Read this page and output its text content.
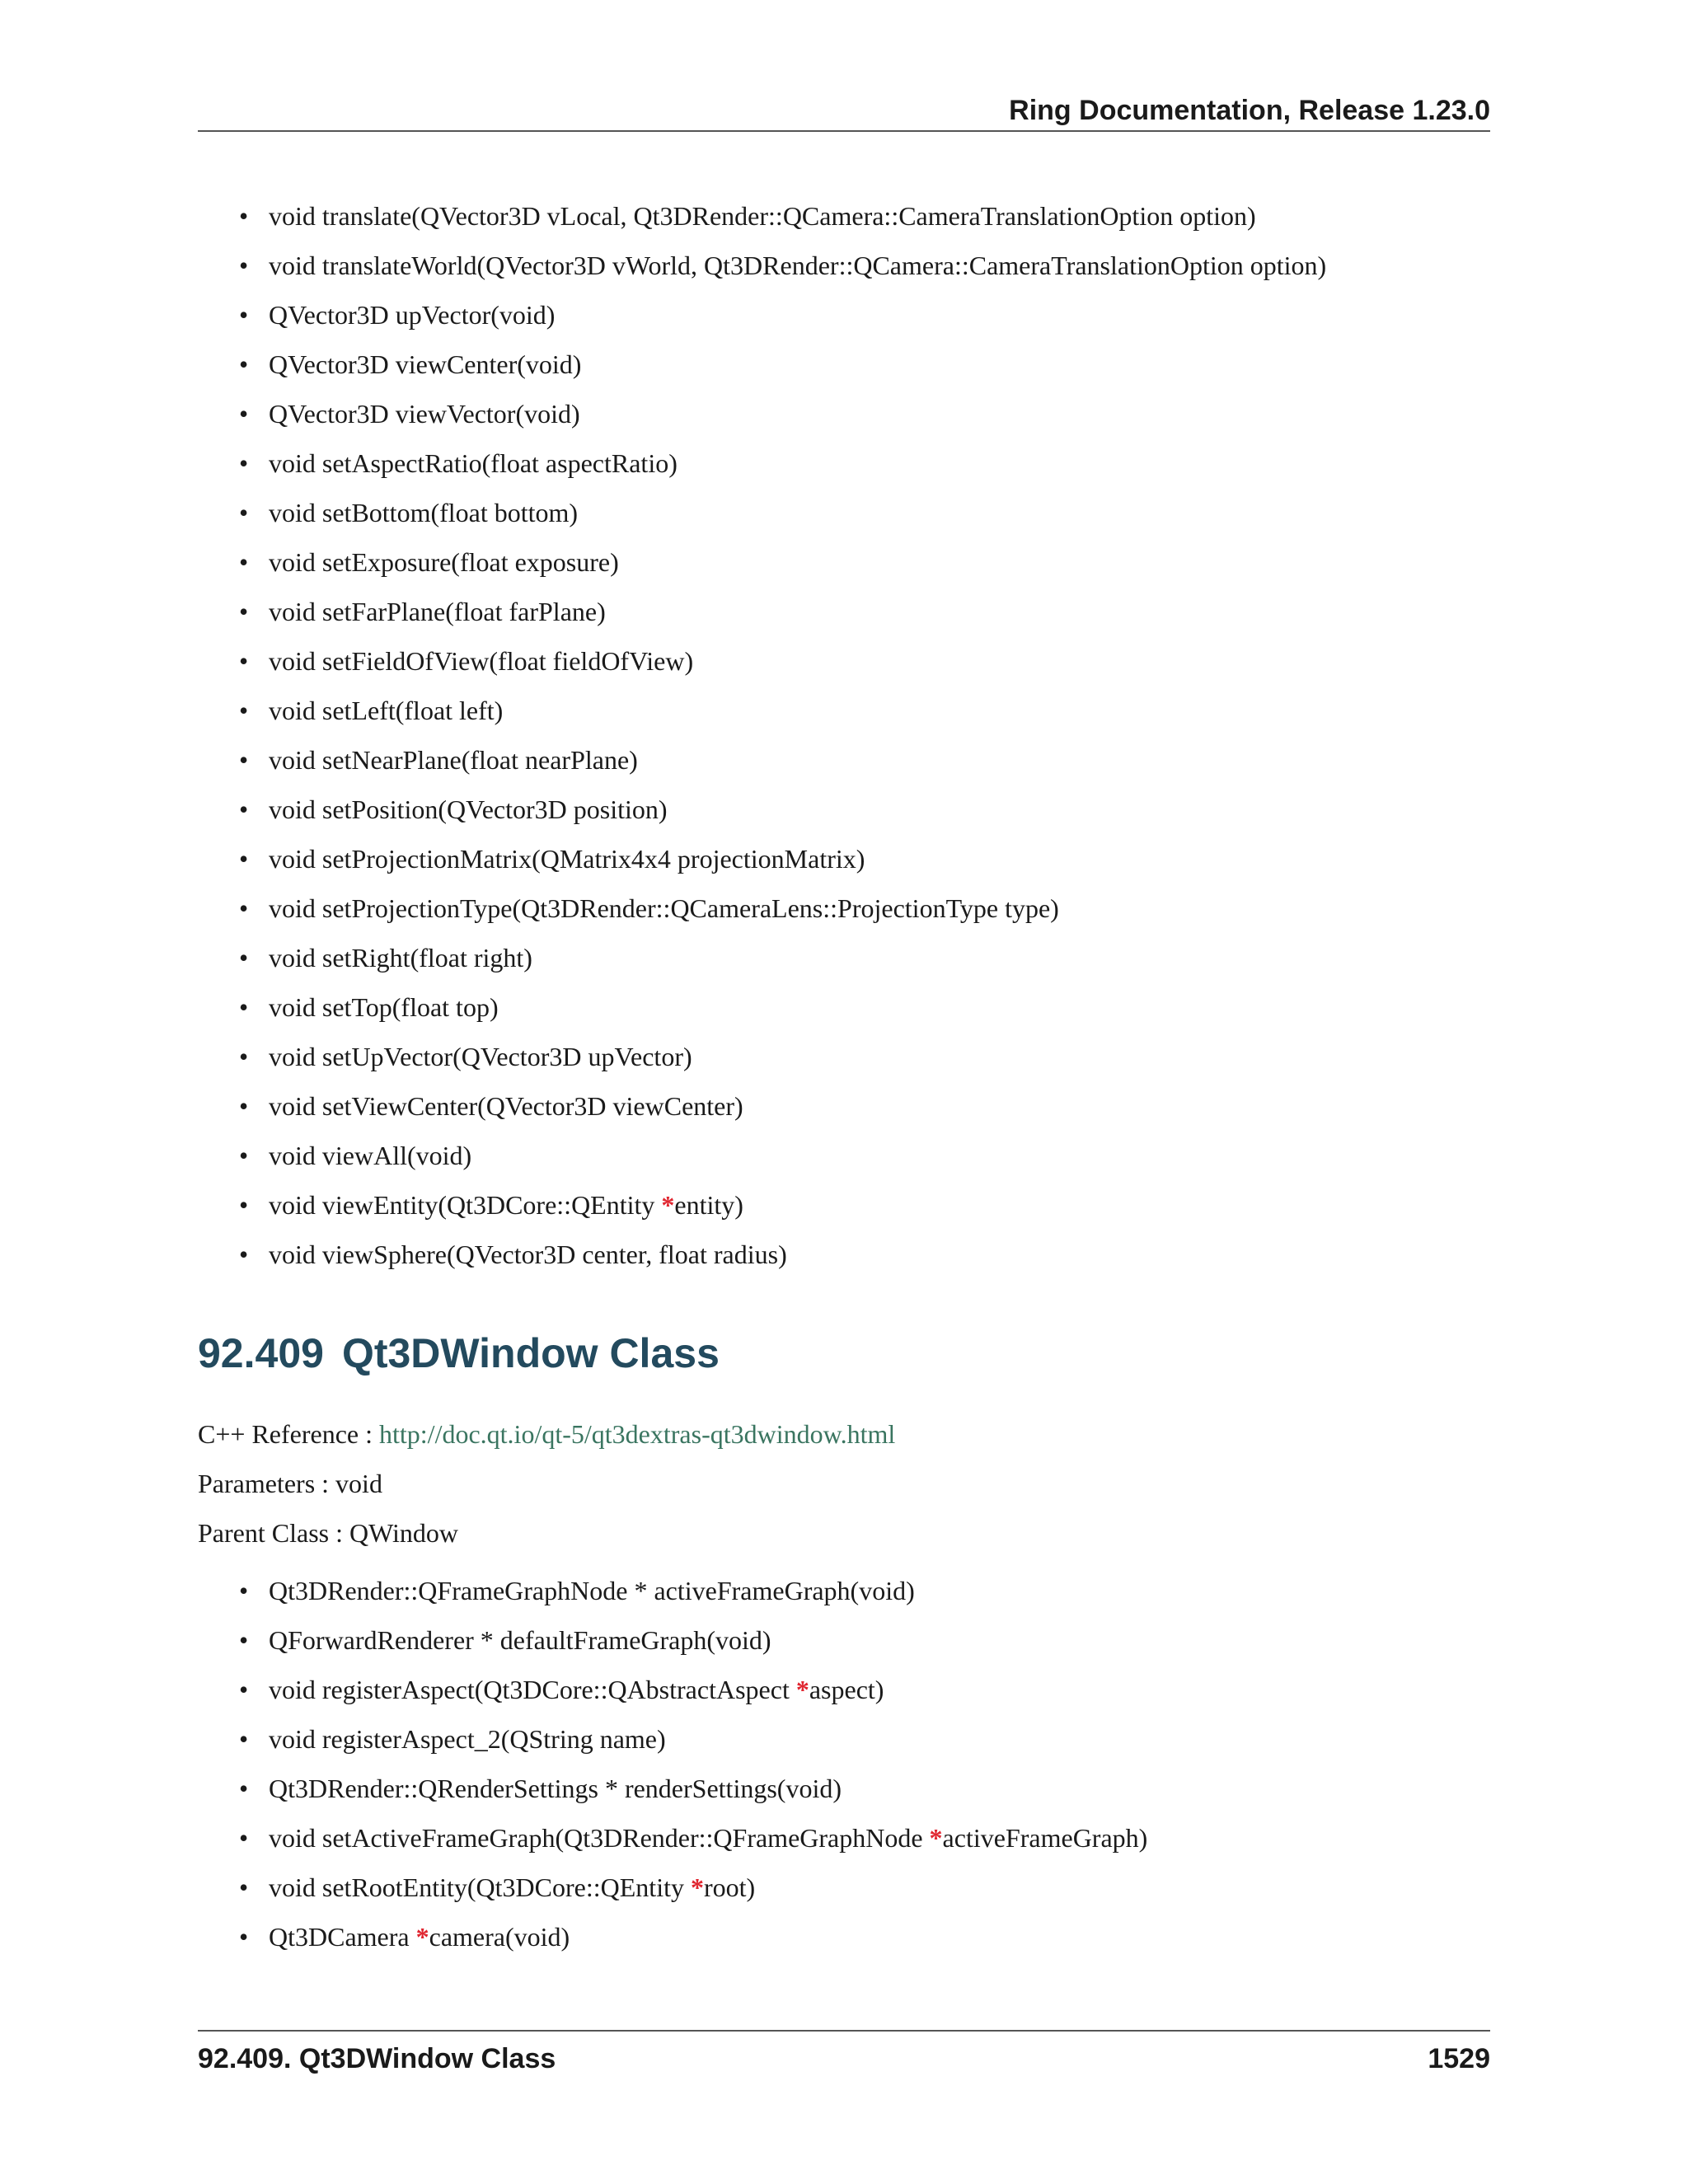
Ring Documentation, Release 1.23.0
• void translate(QVector3D vLocal, Qt3DRender::QCamera::CameraTranslationOption option)
• void translateWorld(QVector3D vWorld, Qt3DRender::QCamera::CameraTranslationOption option)
• QVector3D upVector(void)
• QVector3D viewCenter(void)
• QVector3D viewVector(void)
• void setAspectRatio(float aspectRatio)
• void setBottom(float bottom)
• void setExposure(float exposure)
• void setFarPlane(float farPlane)
• void setFieldOfView(float fieldOfView)
• void setLeft(float left)
• void setNearPlane(float nearPlane)
• void setPosition(QVector3D position)
• void setProjectionMatrix(QMatrix4x4 projectionMatrix)
• void setProjectionType(Qt3DRender::QCameraLens::ProjectionType type)
• void setRight(float right)
• void setTop(float top)
• void setUpVector(QVector3D upVector)
• void setViewCenter(QVector3D viewCenter)
• void viewAll(void)
• void viewEntity(Qt3DCore::QEntity *entity)
• void viewSphere(QVector3D center, float radius)
92.409 Qt3DWindow Class
C++ Reference : http://doc.qt.io/qt-5/qt3dextras-qt3dwindow.html
Parameters : void
Parent Class : QWindow
• Qt3DRender::QFrameGraphNode * activeFrameGraph(void)
• QForwardRenderer * defaultFrameGraph(void)
• void registerAspect(Qt3DCore::QAbstractAspect *aspect)
• void registerAspect_2(QString name)
• Qt3DRender::QRenderSettings * renderSettings(void)
• void setActiveFrameGraph(Qt3DRender::QFrameGraphNode *activeFrameGraph)
• void setRootEntity(Qt3DCore::QEntity *root)
• Qt3DCamera *camera(void)
92.409. Qt3DWindow Class	1529
